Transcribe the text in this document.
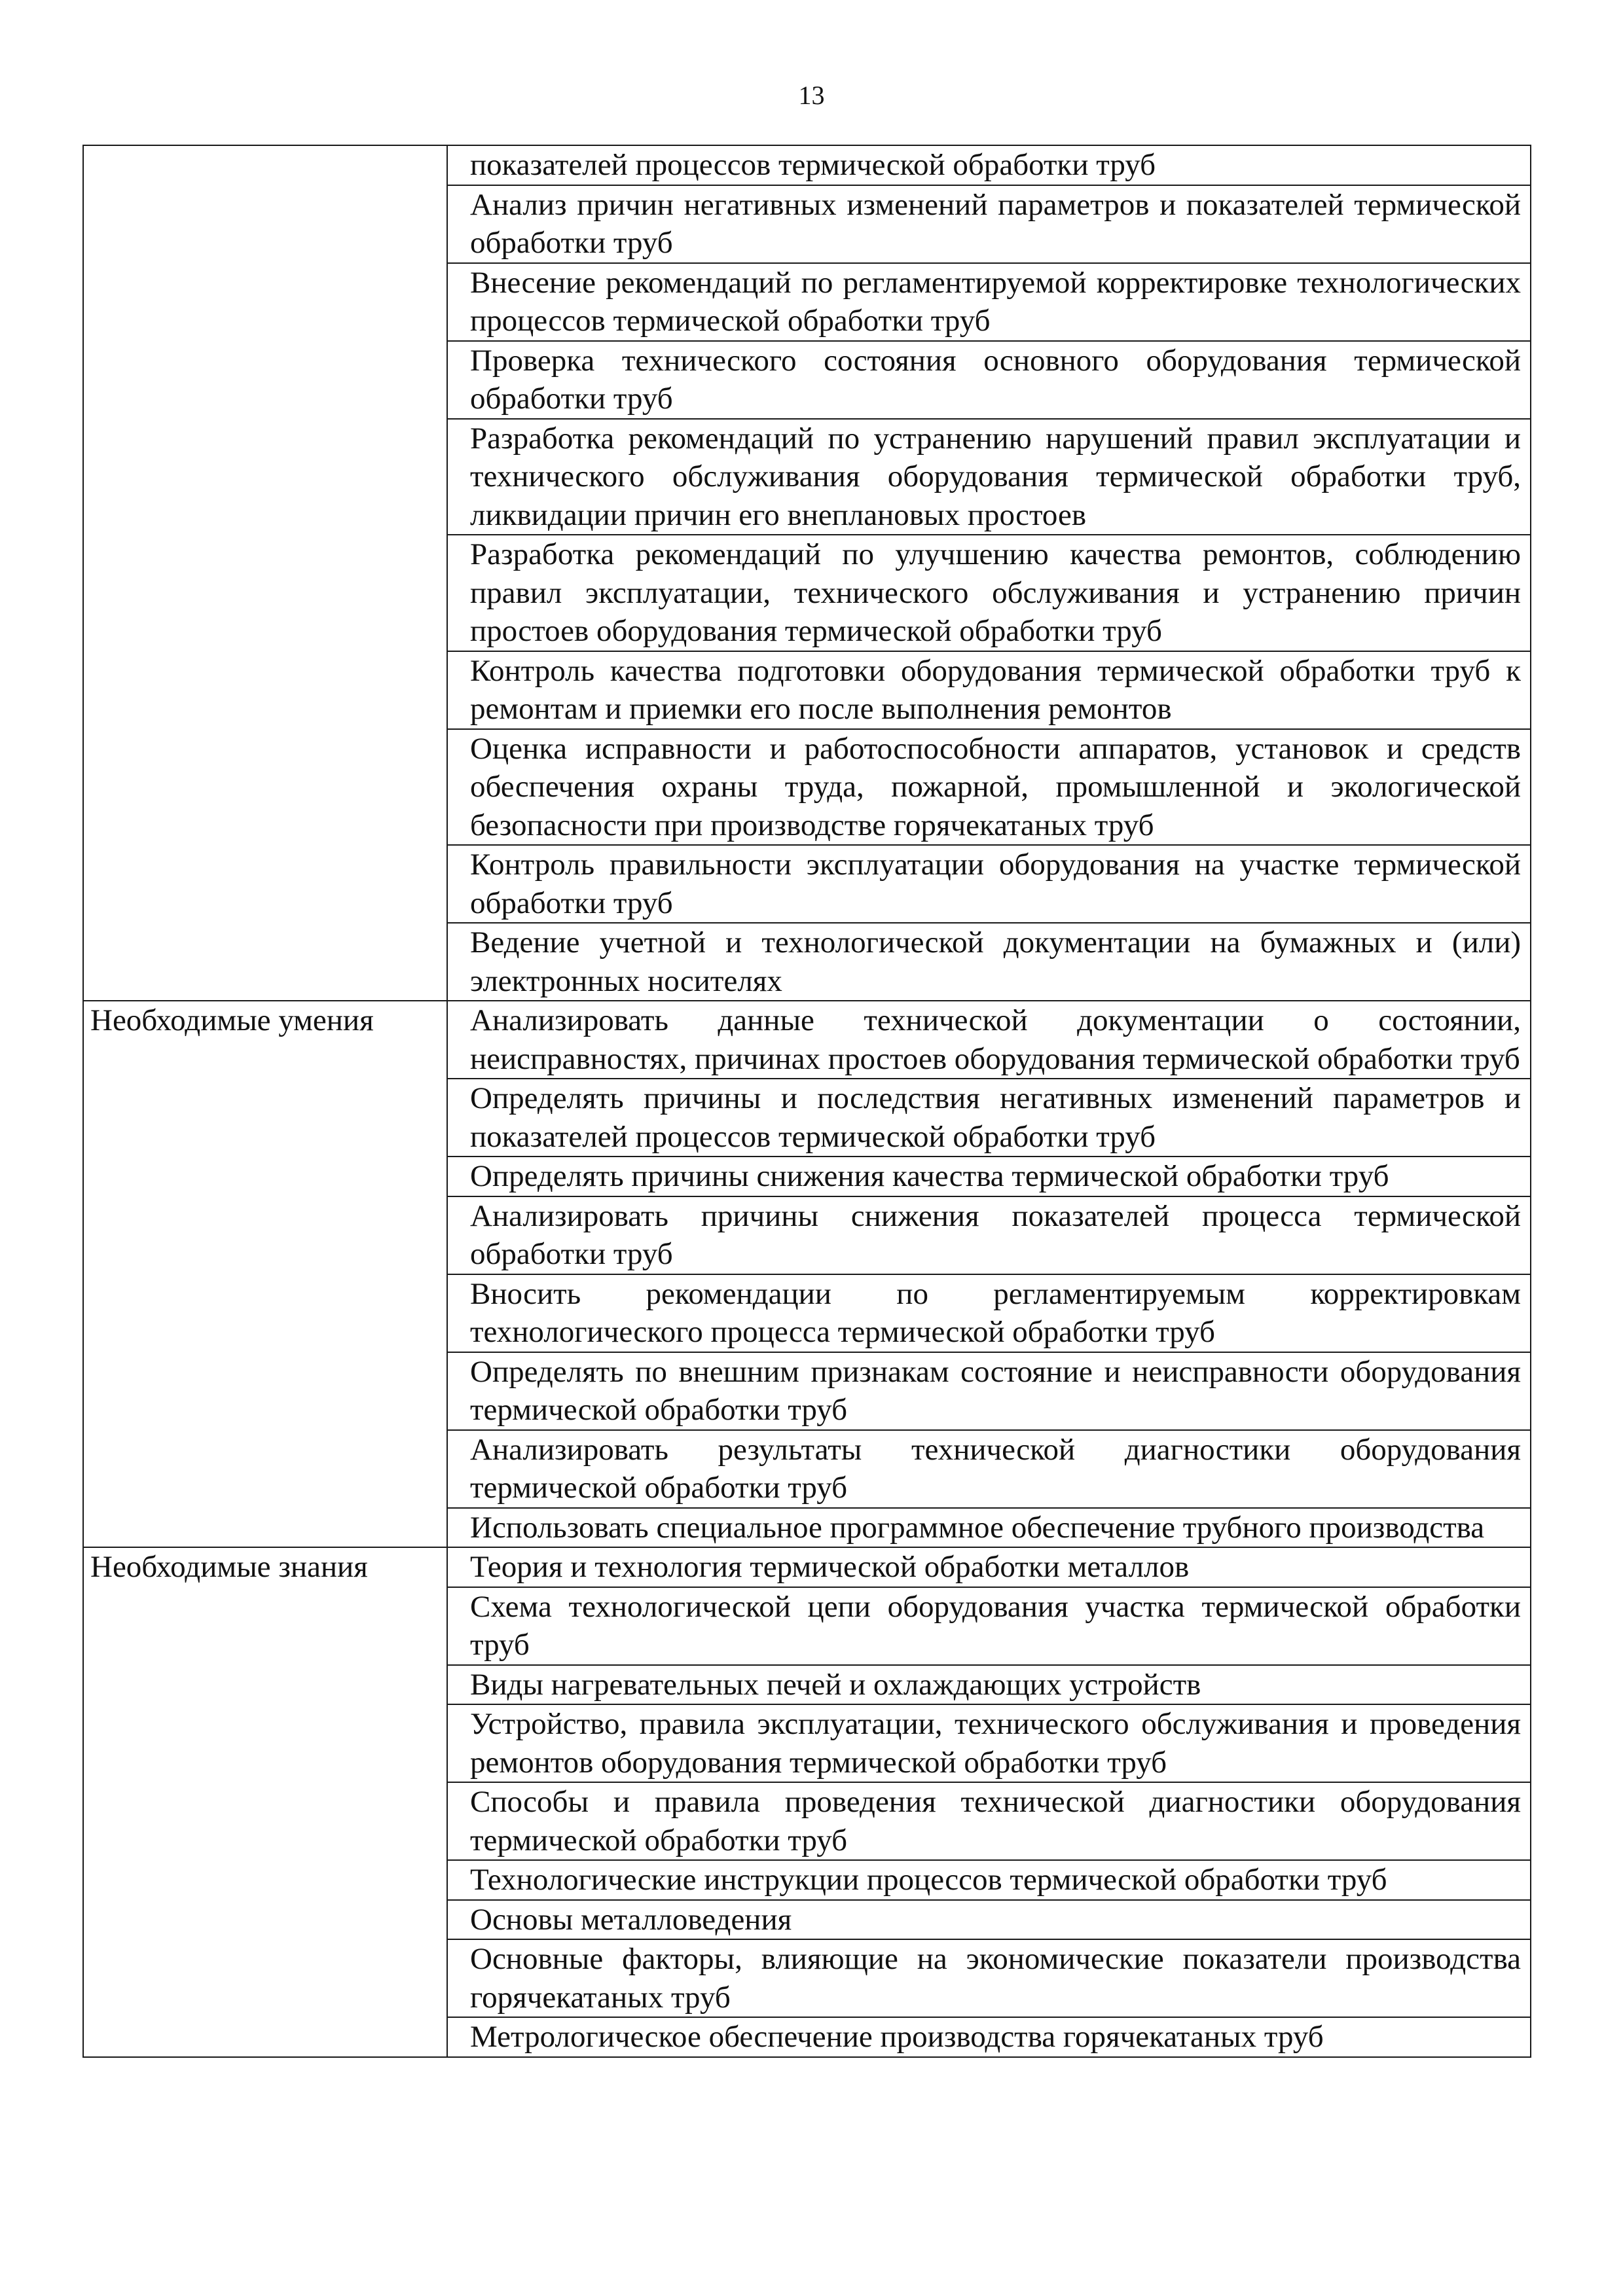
13
	показателей процессов термической обработки труб
	Анализ причин негативных изменений параметров и показателей термической обработки труб
	Внесение рекомендаций по регламентируемой корректировке технологических процессов термической обработки труб
	Проверка технического состояния основного оборудования термической обработки труб
	Разработка рекомендаций по устранению нарушений правил эксплуатации и технического обслуживания оборудования термической обработки труб, ликвидации причин его внеплановых простоев
	Разработка рекомендаций по улучшению качества ремонтов, соблюдению правил эксплуатации, технического обслуживания и устранению причин простоев оборудования термической обработки труб
	Контроль качества подготовки оборудования термической обработки труб к ремонтам и приемки его после выполнения ремонтов
	Оценка исправности и работоспособности аппаратов, установок и средств обеспечения охраны труда, пожарной, промышленной и экологической безопасности при производстве горячекатаных труб
	Контроль правильности эксплуатации оборудования на участке термической обработки труб
	Ведение учетной и технологической документации на бумажных и (или) электронных носителях
Необходимые умения	Анализировать данные технической документации о состоянии, неисправностях, причинах простоев оборудования термической обработки труб
	Определять причины и последствия негативных изменений параметров и показателей процессов термической обработки труб
	Определять причины снижения качества термической обработки труб
	Анализировать причины снижения показателей процесса термической обработки труб
	Вносить рекомендации по регламентируемым корректировкам технологического процесса термической обработки труб
	Определять по внешним признакам состояние и неисправности оборудования термической обработки труб
	Анализировать результаты технической диагностики оборудования термической обработки труб
	Использовать специальное программное обеспечение трубного производства
Необходимые знания	Теория и технология термической обработки металлов
	Схема технологической цепи оборудования участка термической обработки труб
	Виды нагревательных печей и охлаждающих устройств
	Устройство, правила эксплуатации, технического обслуживания и проведения ремонтов оборудования термической обработки труб
	Способы и правила проведения технической диагностики оборудования термической обработки труб
	Технологические инструкции процессов термической обработки труб
	Основы металловедения
	Основные факторы, влияющие на экономические показатели производства горячекатаных труб
	Метрологическое обеспечение производства горячекатаных труб
